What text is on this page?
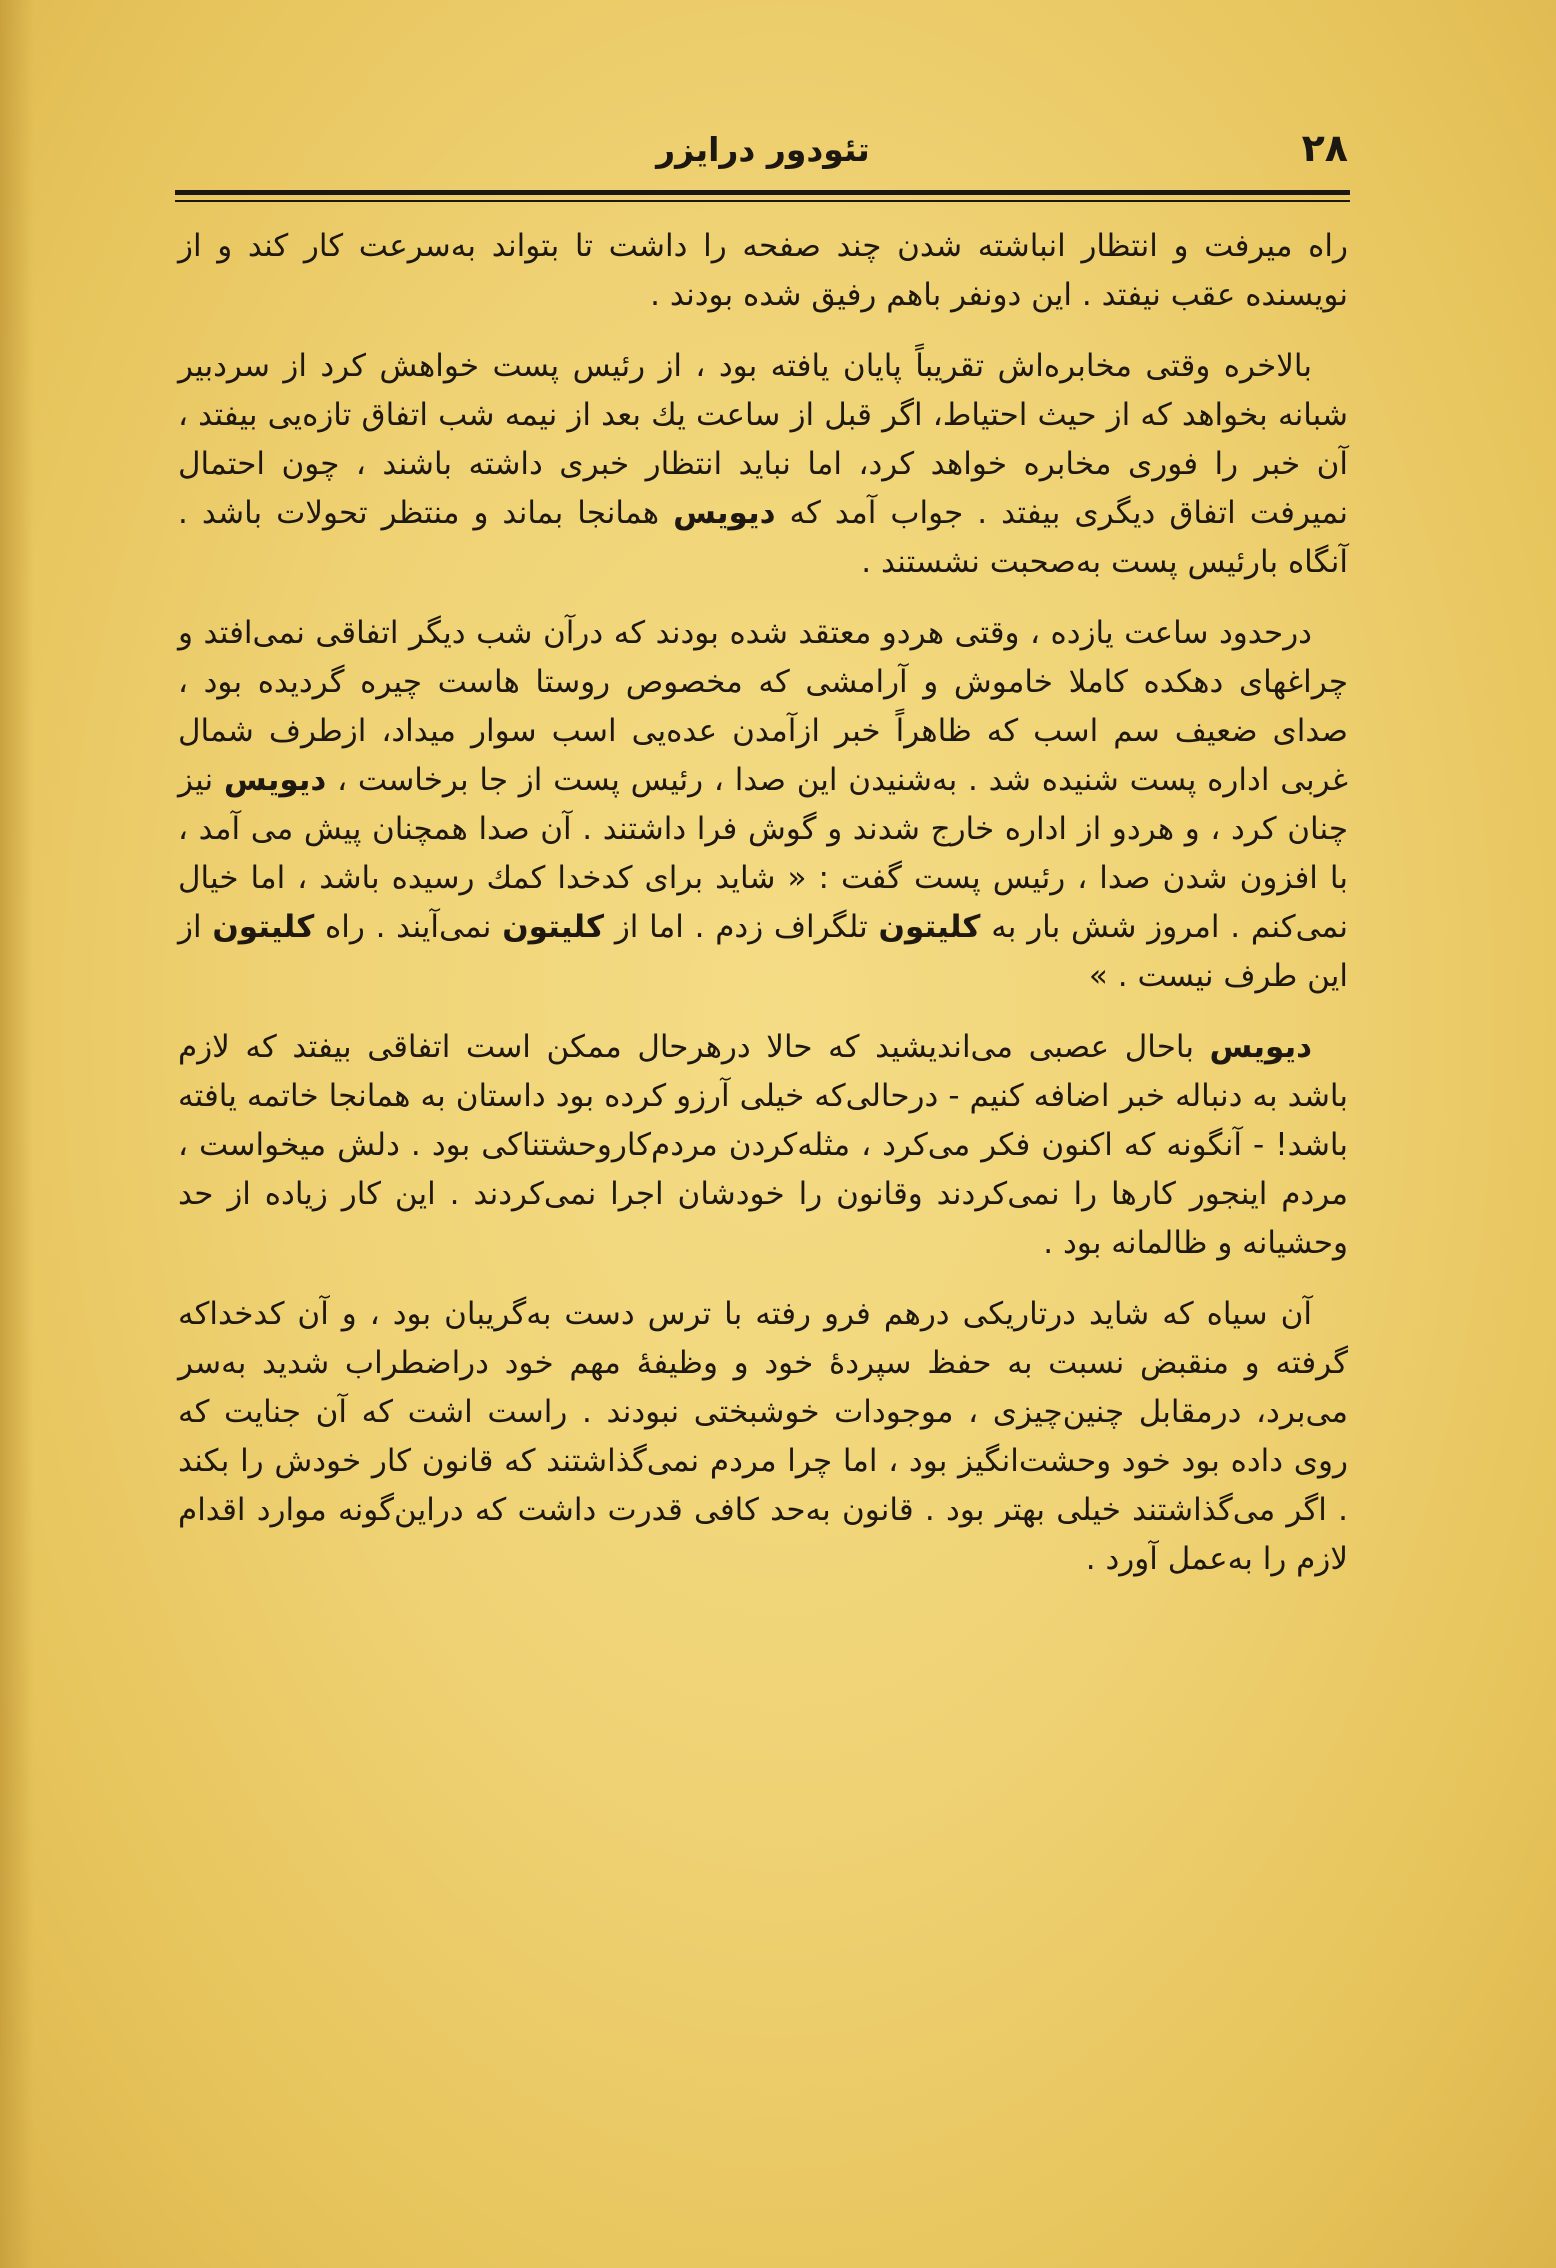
۲۸
تئودور درایزر

راه میرفت و انتظار انباشته شدن چند صفحه را داشت تا بتواند به‌سرعت کار کند و از نویسنده عقب نیفتد . این دونفر باهم رفیق شده بودند .

بالاخره وقتی مخابره‌اش تقریباً پایان یافته بود ، از رئیس پست خواهش کرد از سردبیر شبانه بخواهد که از حیث احتیاط، اگر قبل از ساعت یك بعد از نیمه شب اتفاق تازه‌یی بیفتد ، آن خبر را فوری مخابره خواهد کرد، اما نباید انتظار خبری داشته باشند ، چون احتمال نمیرفت اتفاق دیگری بیفتد . جواب آمد که دیویس همانجا بماند و منتظر تحولات باشد . آنگاه بارئیس پست به‌صحبت نشستند .

درحدود ساعت یازده ، وقتی هردو معتقد شده بودند که درآن شب دیگر اتفاقی نمی‌افتد و چراغهای دهکده کاملا خاموش و آرامشی که مخصوص روستا هاست چیره گردیده بود ، صدای ضعیف سم اسب که ظاهراً خبر ازآمدن عده‌یی اسب سوار میداد، ازطرف شمال غربی اداره پست شنیده شد . به‌شنیدن این صدا ، رئیس پست از جا برخاست ، دیویس نیز چنان کرد ، و هردو از اداره خارج شدند و گوش فرا داشتند . آن صدا همچنان پیش می آمد ، با افزون شدن صدا ، رئیس پست گفت : « شاید برای کدخدا کمك رسیده باشد ، اما خیال نمی‌کنم . امروز شش بار به کلیتون تلگراف زدم . اما از کلیتون نمی‌آیند . راه کلیتون از این طرف نیست . »

دیویس باحال عصبی می‌اندیشید که حالا درهرحال ممکن است اتفاقی بیفتد که لازم باشد به دنباله خبر اضافه کنیم - درحالی‌که خیلی آرزو کرده بود داستان به همانجا خاتمه یافته باشد! - آنگونه که اکنون فکر می‌کرد ، مثله‌کردن مردم‌کاروحشتناکی بود . دلش میخواست ، مردم اینجور کارها را نمی‌کردند وقانون را خودشان اجرا نمی‌کردند . این کار زیاده از حد وحشیانه و ظالمانه بود .

آن سیاه که شاید درتاریکی درهم فرو رفته با ترس دست به‌گریبان بود ، و آن کدخداکه گرفته و منقبض نسبت به حفظ سپردهٔ خود و وظیفهٔ مهم خود دراضطراب شدید به‌سر می‌برد، درمقابل چنین‌چیزی ، موجودات خوشبختی نبودند . راست اشت که آن جنایت که روی داده بود خود وحشت‌انگیز بود ، اما چرا مردم نمی‌گذاشتند که قانون کار خودش را بکند . اگر می‌گذاشتند خیلی بهتر بود . قانون به‌حد کافی قدرت داشت که دراین‌گونه موارد اقدام لازم را به‌عمل آورد .
